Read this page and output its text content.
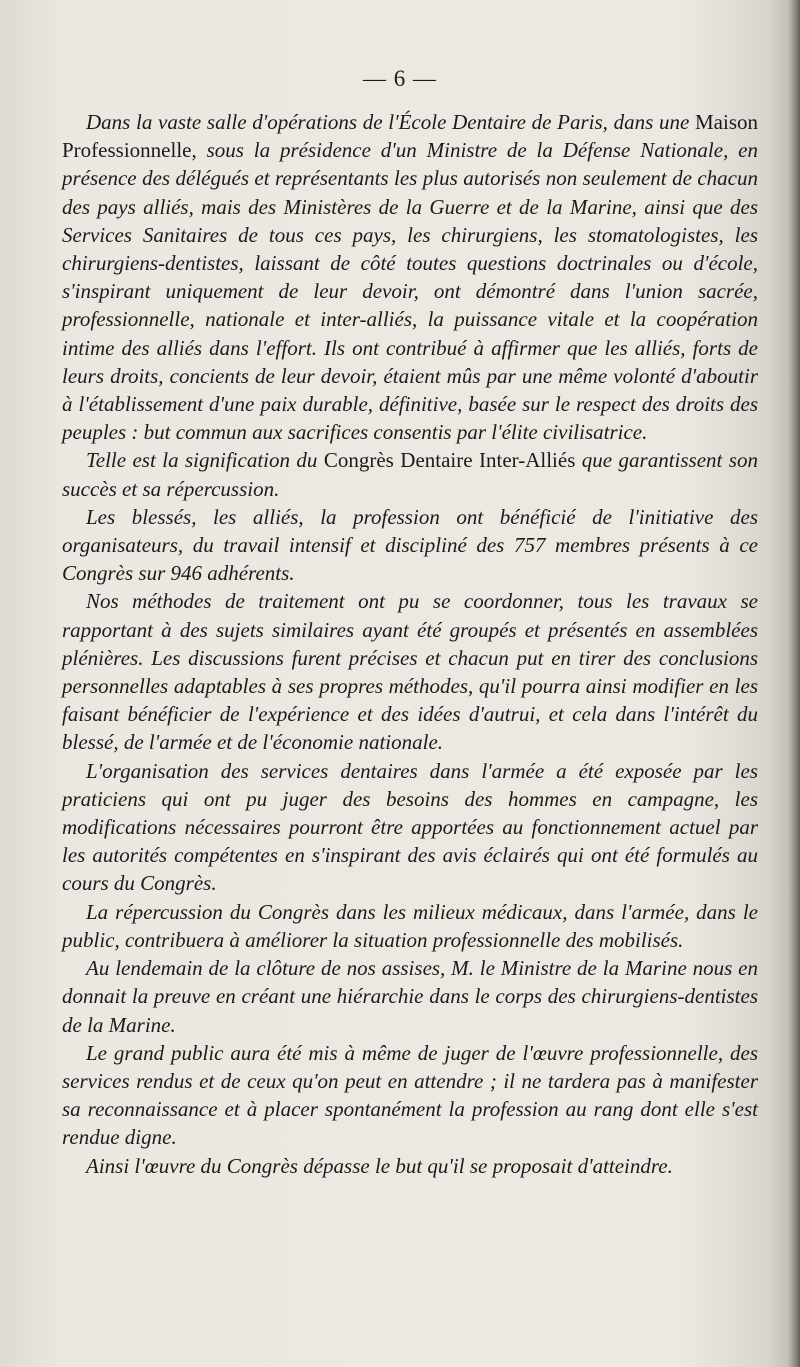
— 6 —

Dans la vaste salle d'opérations de l'École Dentaire de Paris, dans une Maison Professionnelle, sous la présidence d'un Ministre de la Défense Nationale, en présence des délégués et représentants les plus autorisés non seulement de chacun des pays alliés, mais des Ministères de la Guerre et de la Marine, ainsi que des Services Sanitaires de tous ces pays, les chirurgiens, les stomatologistes, les chirurgiens-dentistes, laissant de côté toutes questions doctrinales ou d'école, s'inspirant uniquement de leur devoir, ont démontré dans l'union sacrée, professionnelle, nationale et inter-alliés, la puissance vitale et la coopération intime des alliés dans l'effort. Ils ont contribué à affirmer que les alliés, forts de leurs droits, concients de leur devoir, étaient mûs par une même volonté d'aboutir à l'établissement d'une paix durable, définitive, basée sur le respect des droits des peuples : but commun aux sacrifices consentis par l'élite civilisatrice.

Telle est la signification du Congrès Dentaire Inter-Alliés que garantissent son succès et sa répercussion.

Les blessés, les alliés, la profession ont bénéficié de l'initiative des organisateurs, du travail intensif et discipliné des 757 membres présents à ce Congrès sur 946 adhérents.

Nos méthodes de traitement ont pu se coordonner, tous les travaux se rapportant à des sujets similaires ayant été groupés et présentés en assemblées plénières. Les discussions furent précises et chacun put en tirer des conclusions personnelles adaptables à ses propres méthodes, qu'il pourra ainsi modifier en les faisant bénéficier de l'expérience et des idées d'autrui, et cela dans l'intérêt du blessé, de l'armée et de l'économie nationale.

L'organisation des services dentaires dans l'armée a été exposée par les praticiens qui ont pu juger des besoins des hommes en campagne, les modifications nécessaires pourront être apportées au fonctionnement actuel par les autorités compétentes en s'inspirant des avis éclairés qui ont été formulés au cours du Congrès.

La répercussion du Congrès dans les milieux médicaux, dans l'armée, dans le public, contribuera à améliorer la situation professionnelle des mobilisés.

Au lendemain de la clôture de nos assises, M. le Ministre de la Marine nous en donnait la preuve en créant une hiérarchie dans le corps des chirurgiens-dentistes de la Marine.

Le grand public aura été mis à même de juger de l'œuvre professionnelle, des services rendus et de ceux qu'on peut en attendre ; il ne tardera pas à manifester sa reconnaissance et à placer spontanément la profession au rang dont elle s'est rendue digne.

Ainsi l'œuvre du Congrès dépasse le but qu'il se proposait d'atteindre.
